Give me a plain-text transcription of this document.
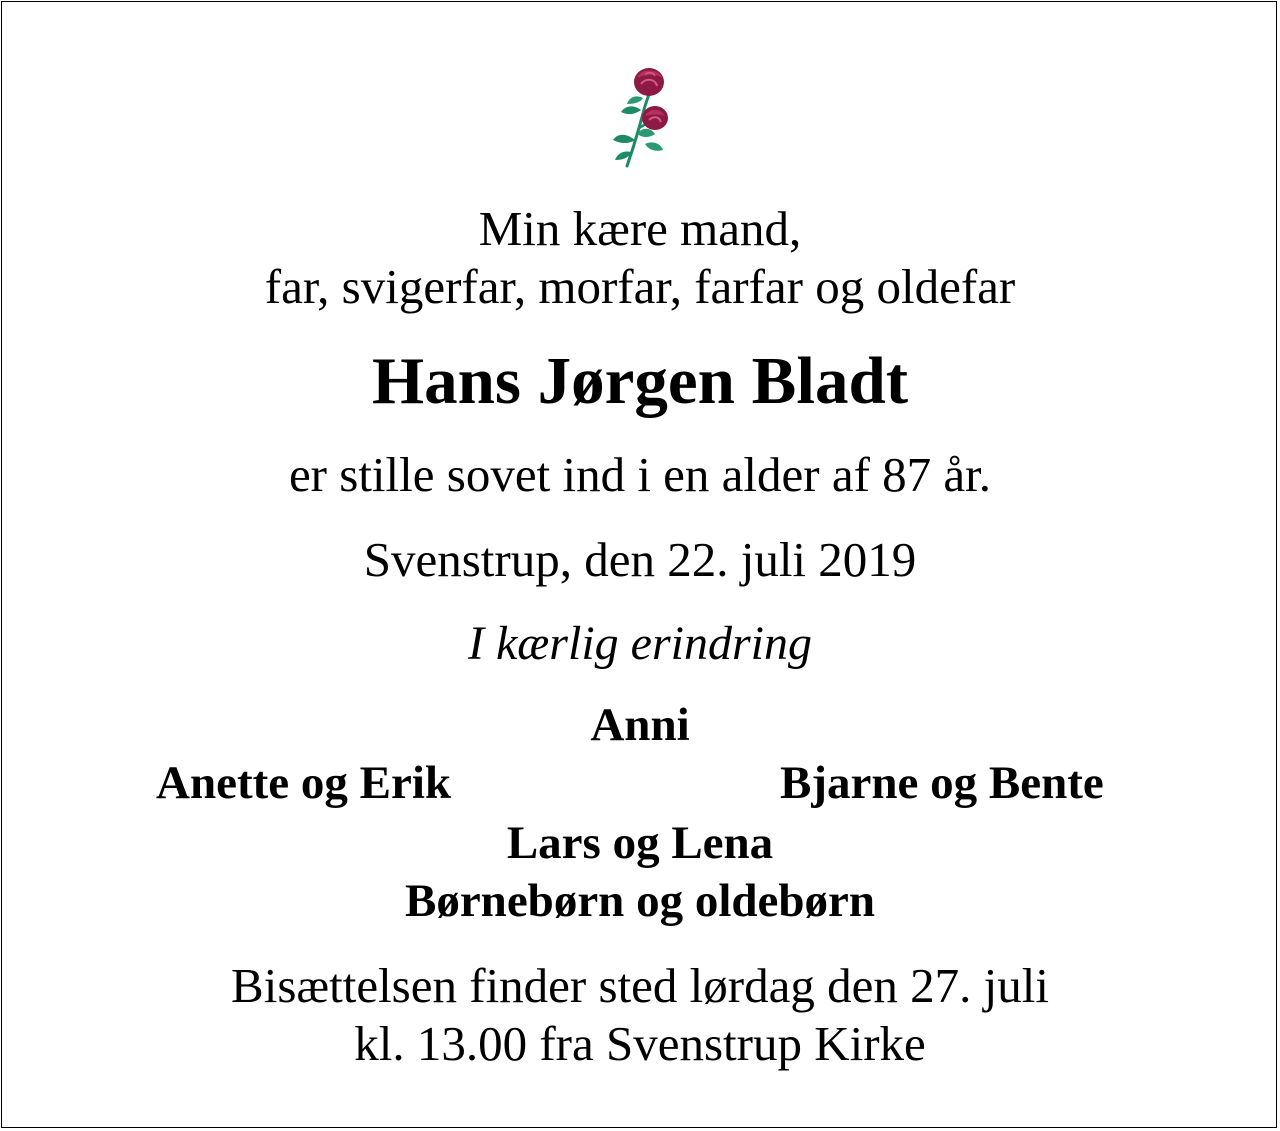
Min kære mand,
far, svigerfar, morfar, farfar og oldefar
Hans Jørgen Bladt
er stille sovet ind i en alder af 87 år.
Svenstrup, den 22. juli 2019
I kærlig erindring
Anni
Anette og Erik	Bjarne og Bente
Lars og Lena
Børnebørn og oldebørn
Bisættelsen finder sted lørdag den 27. juli
kl. 13.00 fra Svenstrup Kirke
